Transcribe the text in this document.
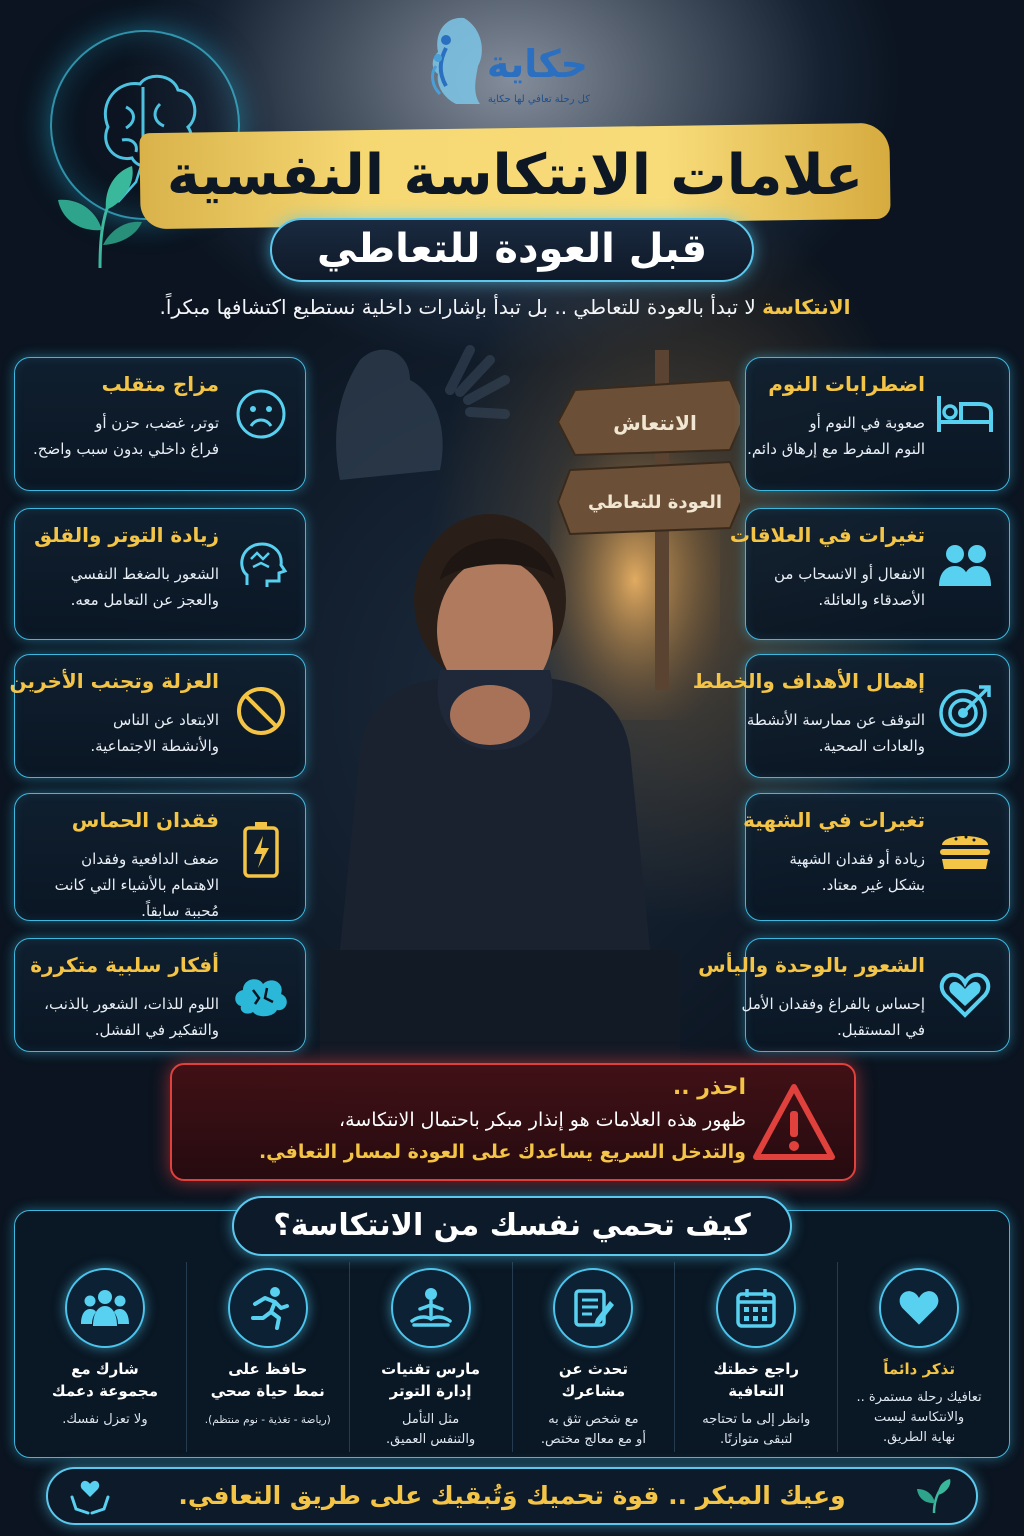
حكاية
كل رحلة تعافي لها حكاية
علامات الانتكاسة النفسية
قبل العودة للتعاطي
الانتكاسة لا تبدأ بالعودة للتعاطي .. بل تبدأ بإشارات داخلية نستطيع اكتشافها مبكراً.
الانتعاش
العودة للتعاطي
مزاج متقلب

توتر، غضب، حزن أو
فراغ داخلي بدون سبب واضح.

زيادة التوتر والقلق

الشعور بالضغط النفسي
والعجز عن التعامل معه.

العزلة وتجنب الأخرين

الابتعاد عن الناس
والأنشطة الاجتماعية.

فقدان الحماس

ضعف الدافعية وفقدان
الاهتمام بالأشياء التي كانت
مُحببة سابقاً.

أفكار سلبية متكررة

اللوم للذات، الشعور بالذنب،
والتفكير في الفشل.

اضطرابات النوم

صعوبة في النوم أو
النوم المفرط مع إرهاق دائم.

تغيرات في العلاقات

الانفعال أو الانسحاب من
الأصدقاء والعائلة.

إهمال الأهداف والخطط

التوقف عن ممارسة الأنشطة
والعادات الصحية.

تغيرات في الشهية

زيادة أو فقدان الشهية
بشكل غير معتاد.

الشعور بالوحدة واليأس

إحساس بالفراغ وفقدان الأمل
في المستقبل.

احذر ..
ظهور هذه العلامات هو إنذار مبكر باحتمال الانتكاسة،
والتدخل السريع يساعدك على العودة لمسار التعافي.
كيف تحمي نفسك من الانتكاسة؟
تذكر دائماً

تعافيك رحلة مستمرة ..
والانتكاسة ليست
نهاية الطريق.

راجع خطتك
التعافية

وانظر إلى ما تحتاجه
لتبقى متوازنًا.

تحدث عن
مشاعرك

مع شخص تثق به
أو مع معالج مختص.

مارس تقنيات
إدارة التوتر

مثل التأمل
والتنفس العميق.

حافظ على
نمط حياة صحي

(رياضة - تغذية - نوم منتظم).

شارك مع
مجموعة دعمك

ولا تعزل نفسك.

وعيك المبكر .. قوة تحميك وَتُبقيك على طريق التعافي.
